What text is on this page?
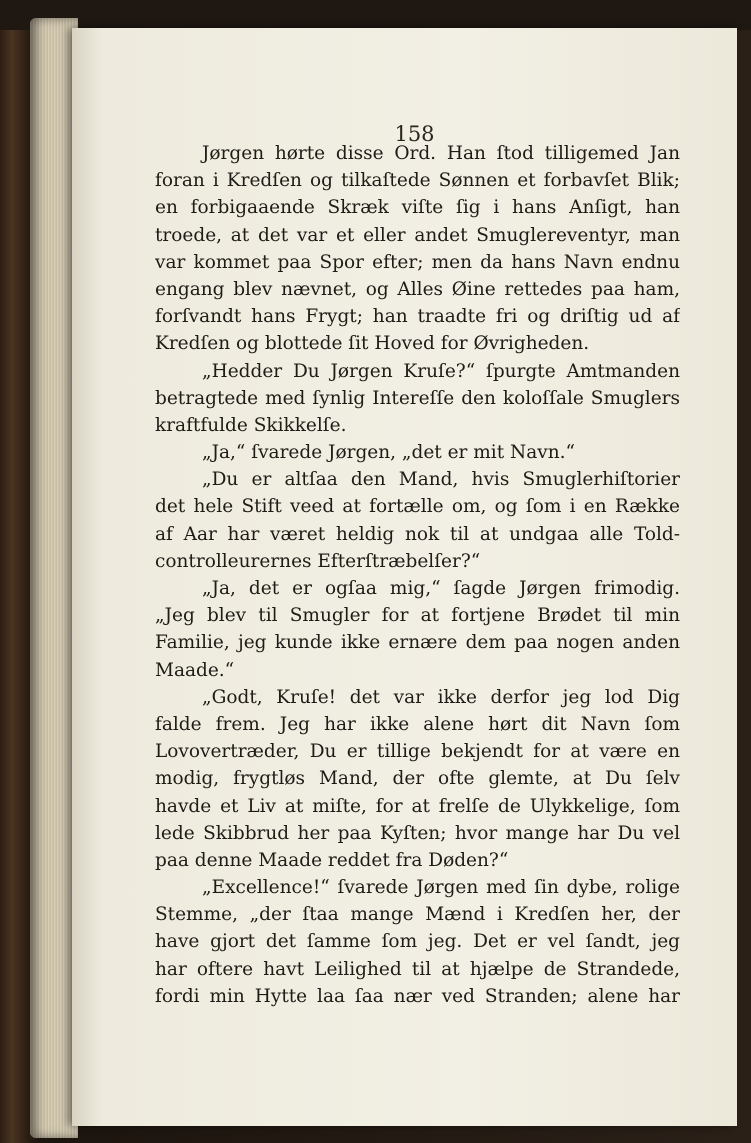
158
Jørgen hørte disse Ord. Han ſtod tilligemed Jan
foran i Kredſen og tilkaſtede Sønnen et forbavſet Blik;
en forbigaaende Skræk viſte ſig i hans Anſigt, han
troede, at det var et eller andet Smuglereventyr, man
var kommet paa Spor efter; men da hans Navn endnu
engang blev nævnet, og Alles Øine rettedes paa ham,
forſvandt hans Frygt; han traadte fri og driſtig ud af
Kredſen og blottede ſit Hoved for Øvrigheden.
„Hedder Du Jørgen Kruſe?“ ſpurgte Amtmanden
betragtede med ſynlig Intereſſe den koloſſale Smuglers
kraftfulde Skikkelſe.
„Ja,“ ſvarede Jørgen, „det er mit Navn.“
„Du er altſaa den Mand, hvis Smuglerhiſtorier
det hele Stift veed at fortælle om, og ſom i en Række
af Aar har været heldig nok til at undgaa alle Told-
controlleurernes Efterſtræbelſer?“
„Ja, det er ogſaa mig,“ ſagde Jørgen frimodig.
„Jeg blev til Smugler for at fortjene Brødet til min
Familie, jeg kunde ikke ernære dem paa nogen anden
Maade.“
„Godt, Kruſe! det var ikke derfor jeg lod Dig
falde frem. Jeg har ikke alene hørt dit Navn ſom
Lovovertræder, Du er tillige bekjendt for at være en
modig, frygtløs Mand, der ofte glemte, at Du ſelv
havde et Liv at miſte, for at frelſe de Ulykkelige, ſom
lede Skibbrud her paa Kyſten; hvor mange har Du vel
paa denne Maade reddet fra Døden?“
„Excellence!“ ſvarede Jørgen med ſin dybe, rolige
Stemme, „der ſtaa mange Mænd i Kredſen her, der
have gjort det ſamme ſom jeg. Det er vel ſandt, jeg
har oftere havt Leilighed til at hjælpe de Strandede,
fordi min Hytte laa ſaa nær ved Stranden; alene har
